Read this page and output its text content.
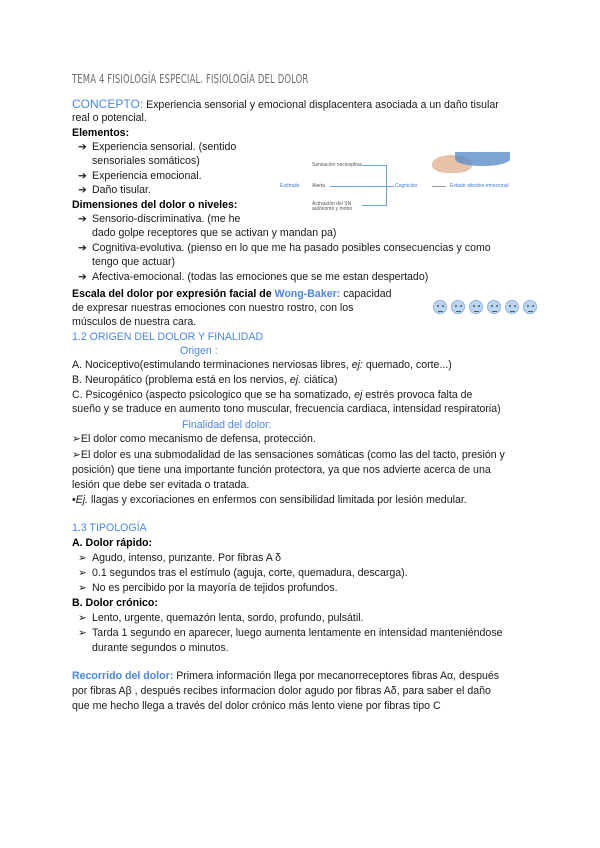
TEMA 4 FISIOLOGÍA ESPECIAL. FISIOLOGÍA DEL DOLOR
CONCEPTO: Experiencia sensorial y emocional displacentera asociada a un daño tisular
real o potencial.
Elementos:
➔ Experiencia sensorial. (sentido
sensoriales somáticos)
➔ Experiencia emocional.
➔ Daño tisular.
Dimensiones del dolor o niveles:
➔ Sensorio-discriminativa. (me he
dado golpe receptores que se activan y mandan pa)
➔ Cognitiva-evolutiva. (pienso en lo que me ha pasado posibles consecuencias y como
tengo que actuar)
➔ Afectiva-emocional. (todas las emociones que se me estan despertado)
Sensación nociceptiva
Estímulo	Alerta
Activación del SN autónomo y motor
Cognición	Estado afectivo-emocional
Escala del dolor por expresión facial de Wong-Baker: capacidad
de expresar nuestras emociones con nuestro rostro, con los
músculos de nuestra cara.
1.2 ORIGEN DEL DOLOR Y FINALIDAD
Origen :
A. Nociceptivo(estimulando terminaciones nerviosas libres, ej: quemado, corte...)
B. Neuropático (problema está en los nervios, ej. ciática)
C. Psicogénico (aspecto psicologico que se ha somatizado, ej estrés provoca falta de
sueño y se traduce en aumento tono muscular, frecuencia cardiaca, intensidad respiratoria)
Finalidad del dolor:
➢El dolor como mecanismo de defensa, protección.
➢El dolor es una submodalidad de las sensaciones somáticas (como las del tacto, presión y
posición) que tiene una importante función protectora, ya que nos advierte acerca de una
lesión que debe ser evitada o tratada.
•Ej. llagas y excoriaciones en enfermos con sensibilidad limitada por lesión medular.
1.3 TIPOLOGÍA
A. Dolor rápido:
➢ Agudo, intenso, punzante. Por fibras A δ
➢ 0.1 segundos tras el estímulo (aguja, corte, quemadura, descarga).
➢ No es percibido por la mayoría de tejidos profundos.
B. Dolor crónico:
➢ Lento, urgente, quemazón lenta, sordo, profundo, pulsátil.
➢ Tarda 1 segundo en aparecer, luego aumenta lentamente en intensidad manteniéndose
durante segundos o minutos.
Recorrido del dolor: Primera información llega por mecanorreceptores fibras Aα, después
por fibras Aβ , después recibes informacion dolor agudo por fibras Aδ, para saber el daño
que me hecho llega a través del dolor crónico más lento viene por fibras tipo C
